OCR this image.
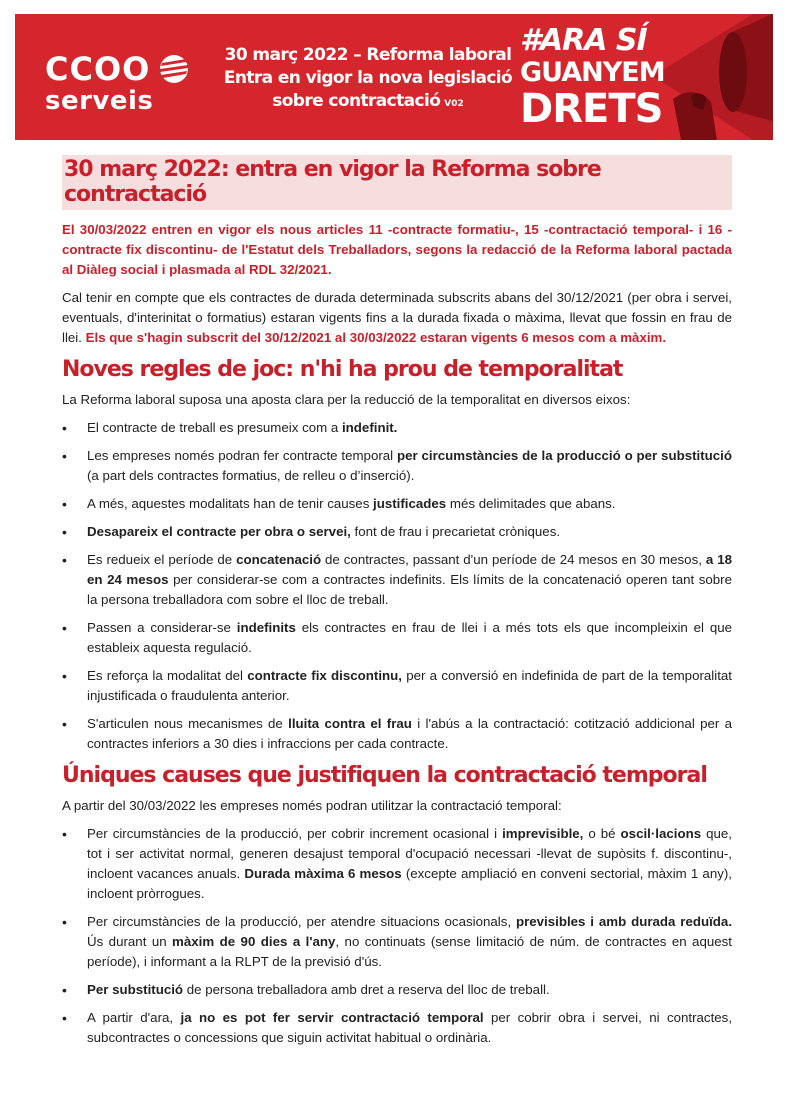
CCOO
serveis
30 març 2022 – Reforma laboral
Entra en vigor la nova legislació
sobre contractació V02
#ARA SÍ
GUANYEM
DRETS
30 març 2022: entra en vigor la Reforma sobre contractació

El 30/03/2022 entren en vigor els nous articles 11 -contracte formatiu-, 15 -contractació temporal- i 16 -contracte fix discontinu- de l'Estatut dels Treballadors, segons la redacció de la Reforma laboral pactada al Diàleg social i plasmada al RDL 32/2021.

Cal tenir en compte que els contractes de durada determinada subscrits abans del 30/12/2021 (per obra i servei, eventuals, d'interinitat o formatius) estaran vigents fins a la durada fixada o màxima, llevat que fossin en frau de llei. Els que s'hagin subscrit del 30/12/2021 al 30/03/2022 estaran vigents 6 mesos com a màxim.

Noves regles de joc: n'hi ha prou de temporalitat

La Reforma laboral suposa una aposta clara per la reducció de la temporalitat en diversos eixos:

• El contracte de treball es presumeix com a indefinit.
• Les empreses només podran fer contracte temporal per circumstàncies de la producció o per substitució (a part dels contractes formatius, de relleu o d’inserció).
• A més, aquestes modalitats han de tenir causes justificades més delimitades que abans.
• Desapareix el contracte per obra o servei, font de frau i precarietat cròniques.
• Es redueix el període de concatenació de contractes, passant d'un període de 24 mesos en 30 mesos, a 18 en 24 mesos per considerar-se com a contractes indefinits. Els límits de la concatenació operen tant sobre la persona treballadora com sobre el lloc de treball.
• Passen a considerar-se indefinits els contractes en frau de llei i a més tots els que incompleixin el que estableix aquesta regulació.
• Es reforça la modalitat del contracte fix discontinu, per a conversió en indefinida de part de la temporalitat injustificada o fraudulenta anterior.
• S'articulen nous mecanismes de lluita contra el frau i l'abús a la contractació: cotització addicional per a contractes inferiors a 30 dies i infraccions per cada contracte.
Úniques causes que justifiquen la contractació temporal

A partir del 30/03/2022 les empreses només podran utilitzar la contractació temporal:

• Per circumstàncies de la producció, per cobrir increment ocasional i imprevisible, o bé oscil·lacions que, tot i ser activitat normal, generen desajust temporal d'ocupació necessari -llevat de supòsits f. discontinu-, incloent vacances anuals. Durada màxima 6 mesos (excepte ampliació en conveni sectorial, màxim 1 any), incloent pròrrogues.
• Per circumstàncies de la producció, per atendre situacions ocasionals, previsibles i amb durada reduïda. Ús durant un màxim de 90 dies a l'any, no continuats (sense limitació de núm. de contractes en aquest període), i informant a la RLPT de la previsió d'ús.
• Per substitució de persona treballadora amb dret a reserva del lloc de treball.
• A partir d'ara, ja no es pot fer servir contractació temporal per cobrir obra i servei, ni contractes, subcontractes o concessions que siguin activitat habitual o ordinària.
